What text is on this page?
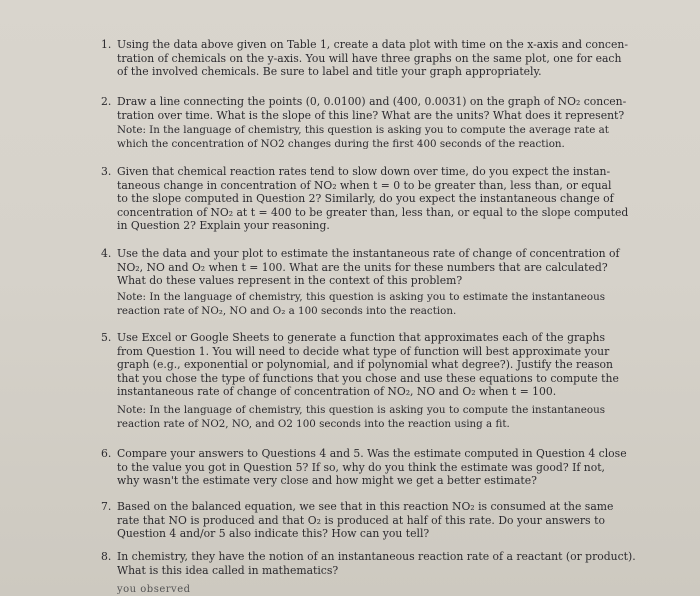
1. Using the data above given on Table 1, create a data plot with time on the x-axis and concen-
tration of chemicals on the y-axis. You will have three graphs on the same plot, one for each
of the involved chemicals. Be sure to label and title your graph appropriately.
2. Draw a line connecting the points (0, 0.0100) and (400, 0.0031) on the graph of NO₂ concen-
tration over time. What is the slope of this line? What are the units? What does it represent?
Note: In the language of chemistry, this question is asking you to compute the average rate at
which the concentration of NO2 changes during the first 400 seconds of the reaction.
3. Given that chemical reaction rates tend to slow down over time, do you expect the instan-
taneous change in concentration of NO₂ when t = 0 to be greater than, less than, or equal
to the slope computed in Question 2? Similarly, do you expect the instantaneous change of
concentration of NO₂ at t = 400 to be greater than, less than, or equal to the slope computed
in Question 2? Explain your reasoning.
4. Use the data and your plot to estimate the instantaneous rate of change of concentration of
NO₂, NO and O₂ when t = 100. What are the units for these numbers that are calculated?
What do these values represent in the context of this problem?
Note: In the language of chemistry, this question is asking you to estimate the instantaneous
reaction rate of NO₂, NO and O₂ a 100 seconds into the reaction.
5. Use Excel or Google Sheets to generate a function that approximates each of the graphs
from Question 1. You will need to decide what type of function will best approximate your
graph (e.g., exponential or polynomial, and if polynomial what degree?). Justify the reason
that you chose the type of functions that you chose and use these equations to compute the
instantaneous rate of change of concentration of NO₂, NO and O₂ when t = 100.
Note: In the language of chemistry, this question is asking you to compute the instantaneous
reaction rate of NO2, NO, and O2 100 seconds into the reaction using a fit.
6. Compare your answers to Questions 4 and 5. Was the estimate computed in Question 4 close
to the value you got in Question 5? If so, why do you think the estimate was good? If not,
why wasn't the estimate very close and how might we get a better estimate?
7. Based on the balanced equation, we see that in this reaction NO₂ is consumed at the same
rate that NO is produced and that O₂ is produced at half of this rate. Do your answers to
Question 4 and/or 5 also indicate this? How can you tell?
8. In chemistry, they have the notion of an instantaneous reaction rate of a reactant (or product).
What is this idea called in mathematics?
you observed
